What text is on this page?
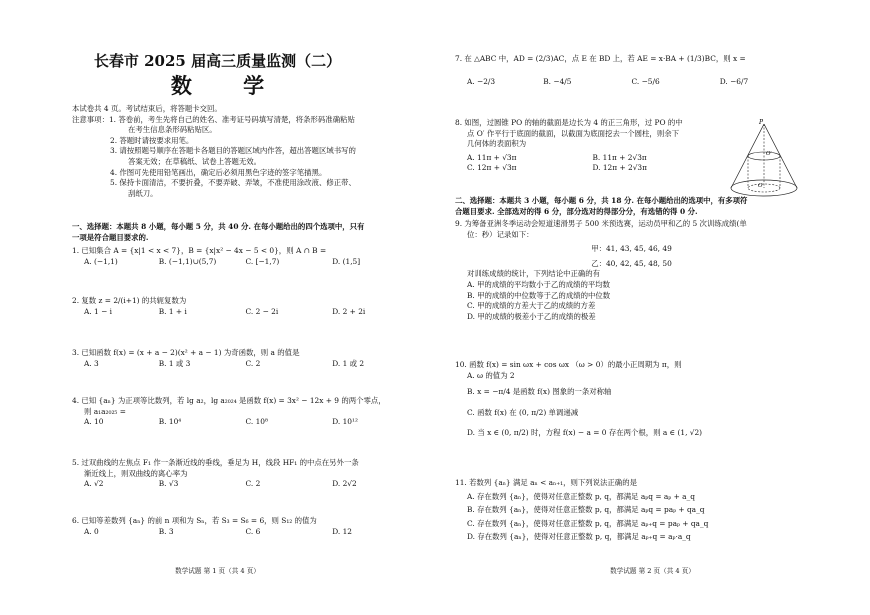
长春市 2025 届高三质量监测（二）
数 学
本试卷共 4 页。考试结束后，将答题卡交回。
注意事项：1. 答卷前，考生先将自己的姓名、准考证号码填写清楚，将条形码准确粘贴
在考生信息条形码粘贴区。
2. 答题时请按要求用笔。
3. 请按照题号顺序在答题卡各题目的答题区域内作答，超出答题区域书写的
答案无效；在草稿纸、试卷上答题无效。
4. 作图可先使用铅笔画出，确定后必须用黑色字迹的签字笔描黑。
5. 保持卡面清洁，不要折叠，不要弄破、弄皱，不准使用涂改液、修正带、
刮纸刀。
一、选择题：本题共 8 小题，每小题 5 分，共 40 分. 在每小题给出的四个选项中，只有
一项是符合题目要求的.
1. 已知集合 A = {x|1 < x < 7}，B = {x|x² − 4x − 5 < 0}，则 A ∩ B =
A. (−1,1)	B. (−1,1)∪(5,7)	C. [−1,7)	D. (1,5]
2. 复数 z = 2/(i+1) 的共轭复数为
A. 1 − i	B. 1 + i	C. 2 − 2i	D. 2 + 2i
3. 已知函数 f(x) = (x + a − 2)(x² + a − 1) 为奇函数，则 a 的值是
A. 3	B. 1 或 3	C. 2	D. 1 或 2
4. 已知 {aₙ} 为正项等比数列，若 lg a₂，lg a₂₀₂₄ 是函数 f(x) = 3x² − 12x + 9 的两个零点，
则 a₁a₂₀₂₅ =
A. 10	B. 10⁴	C. 10⁸	D. 10¹²
5. 过双曲线的左焦点 F₁ 作一条渐近线的垂线，垂足为 H，线段 HF₁ 的中点在另外一条
渐近线上，则双曲线的离心率为
A. √2	B. √3	C. 2	D. 2√2
6. 已知等差数列 {aₙ} 的前 n 项和为 Sₙ，若 S₃ = S₆ = 6，则 S₁₂ 的值为
A. 0	B. 3	C. 6	D. 12
数学试题 第 1 页（共 4 页）
7. 在 △ABC 中，AD = (2/3)AC，点 E 在 BD 上，若 AE = x·BA + (1/3)BC，则 x =
A. −2/3	B. −4/5	C. −5/6	D. −6/7
8. 如图，过圆锥 PO 的轴的截面是边长为 4 的正三角形，过 PO 的中
点 O′ 作平行于底面的截面，以截面为底面挖去一个圆柱，则余下
几何体的表面积为
A. 11π + √3π	B. 11π + 2√3π
C. 12π + √3π	D. 12π + 2√3π
P
O′
O
二、选择题：本题共 3 小题，每小题 6 分，共 18 分. 在每小题给出的选项中，有多项符
合题目要求. 全部选对的得 6 分，部分选对的得部分分，有选错的得 0 分.
9. 为筹备亚洲冬季运动会短道速滑男子 500 米预选赛，运动员甲和乙的 5 次训练成绩(单
位：秒）记录如下：
甲：41, 43, 45, 46, 49
乙：40, 42, 45, 48, 50
对训练成绩的统计，下列结论中正确的有
A. 甲的成绩的平均数小于乙的成绩的平均数
B. 甲的成绩的中位数等于乙的成绩的中位数
C. 甲的成绩的方差大于乙的成绩的方差
D. 甲的成绩的极差小于乙的成绩的极差
10. 函数 f(x) = sin ωx + cos ωx （ω > 0）的最小正周期为 π，则
A. ω 的值为 2
B. x = −π/4 是函数 f(x) 图象的一条对称轴
C. 函数 f(x) 在 (0, π/2) 单调递减
D. 当 x ∈ (0, π/2) 时，方程 f(x) − a = 0 存在两个根，则 a ∈ (1, √2)
11. 若数列 {aₙ} 满足 aₙ < aₙ₊₁，则下列说法正确的是
A. 存在数列 {aₙ}，使得对任意正整数 p, q，都满足 aₚq = aₚ + a_q
B. 存在数列 {aₙ}，使得对任意正整数 p, q，都满足 aₚq = paₚ + qa_q
C. 存在数列 {aₙ}，使得对任意正整数 p, q，都满足 aₚ₊q = paₚ + qa_q
D. 存在数列 {aₙ}，使得对任意正整数 p, q，都满足 aₚ₊q = aₚ·a_q
数学试题 第 2 页（共 4 页）
